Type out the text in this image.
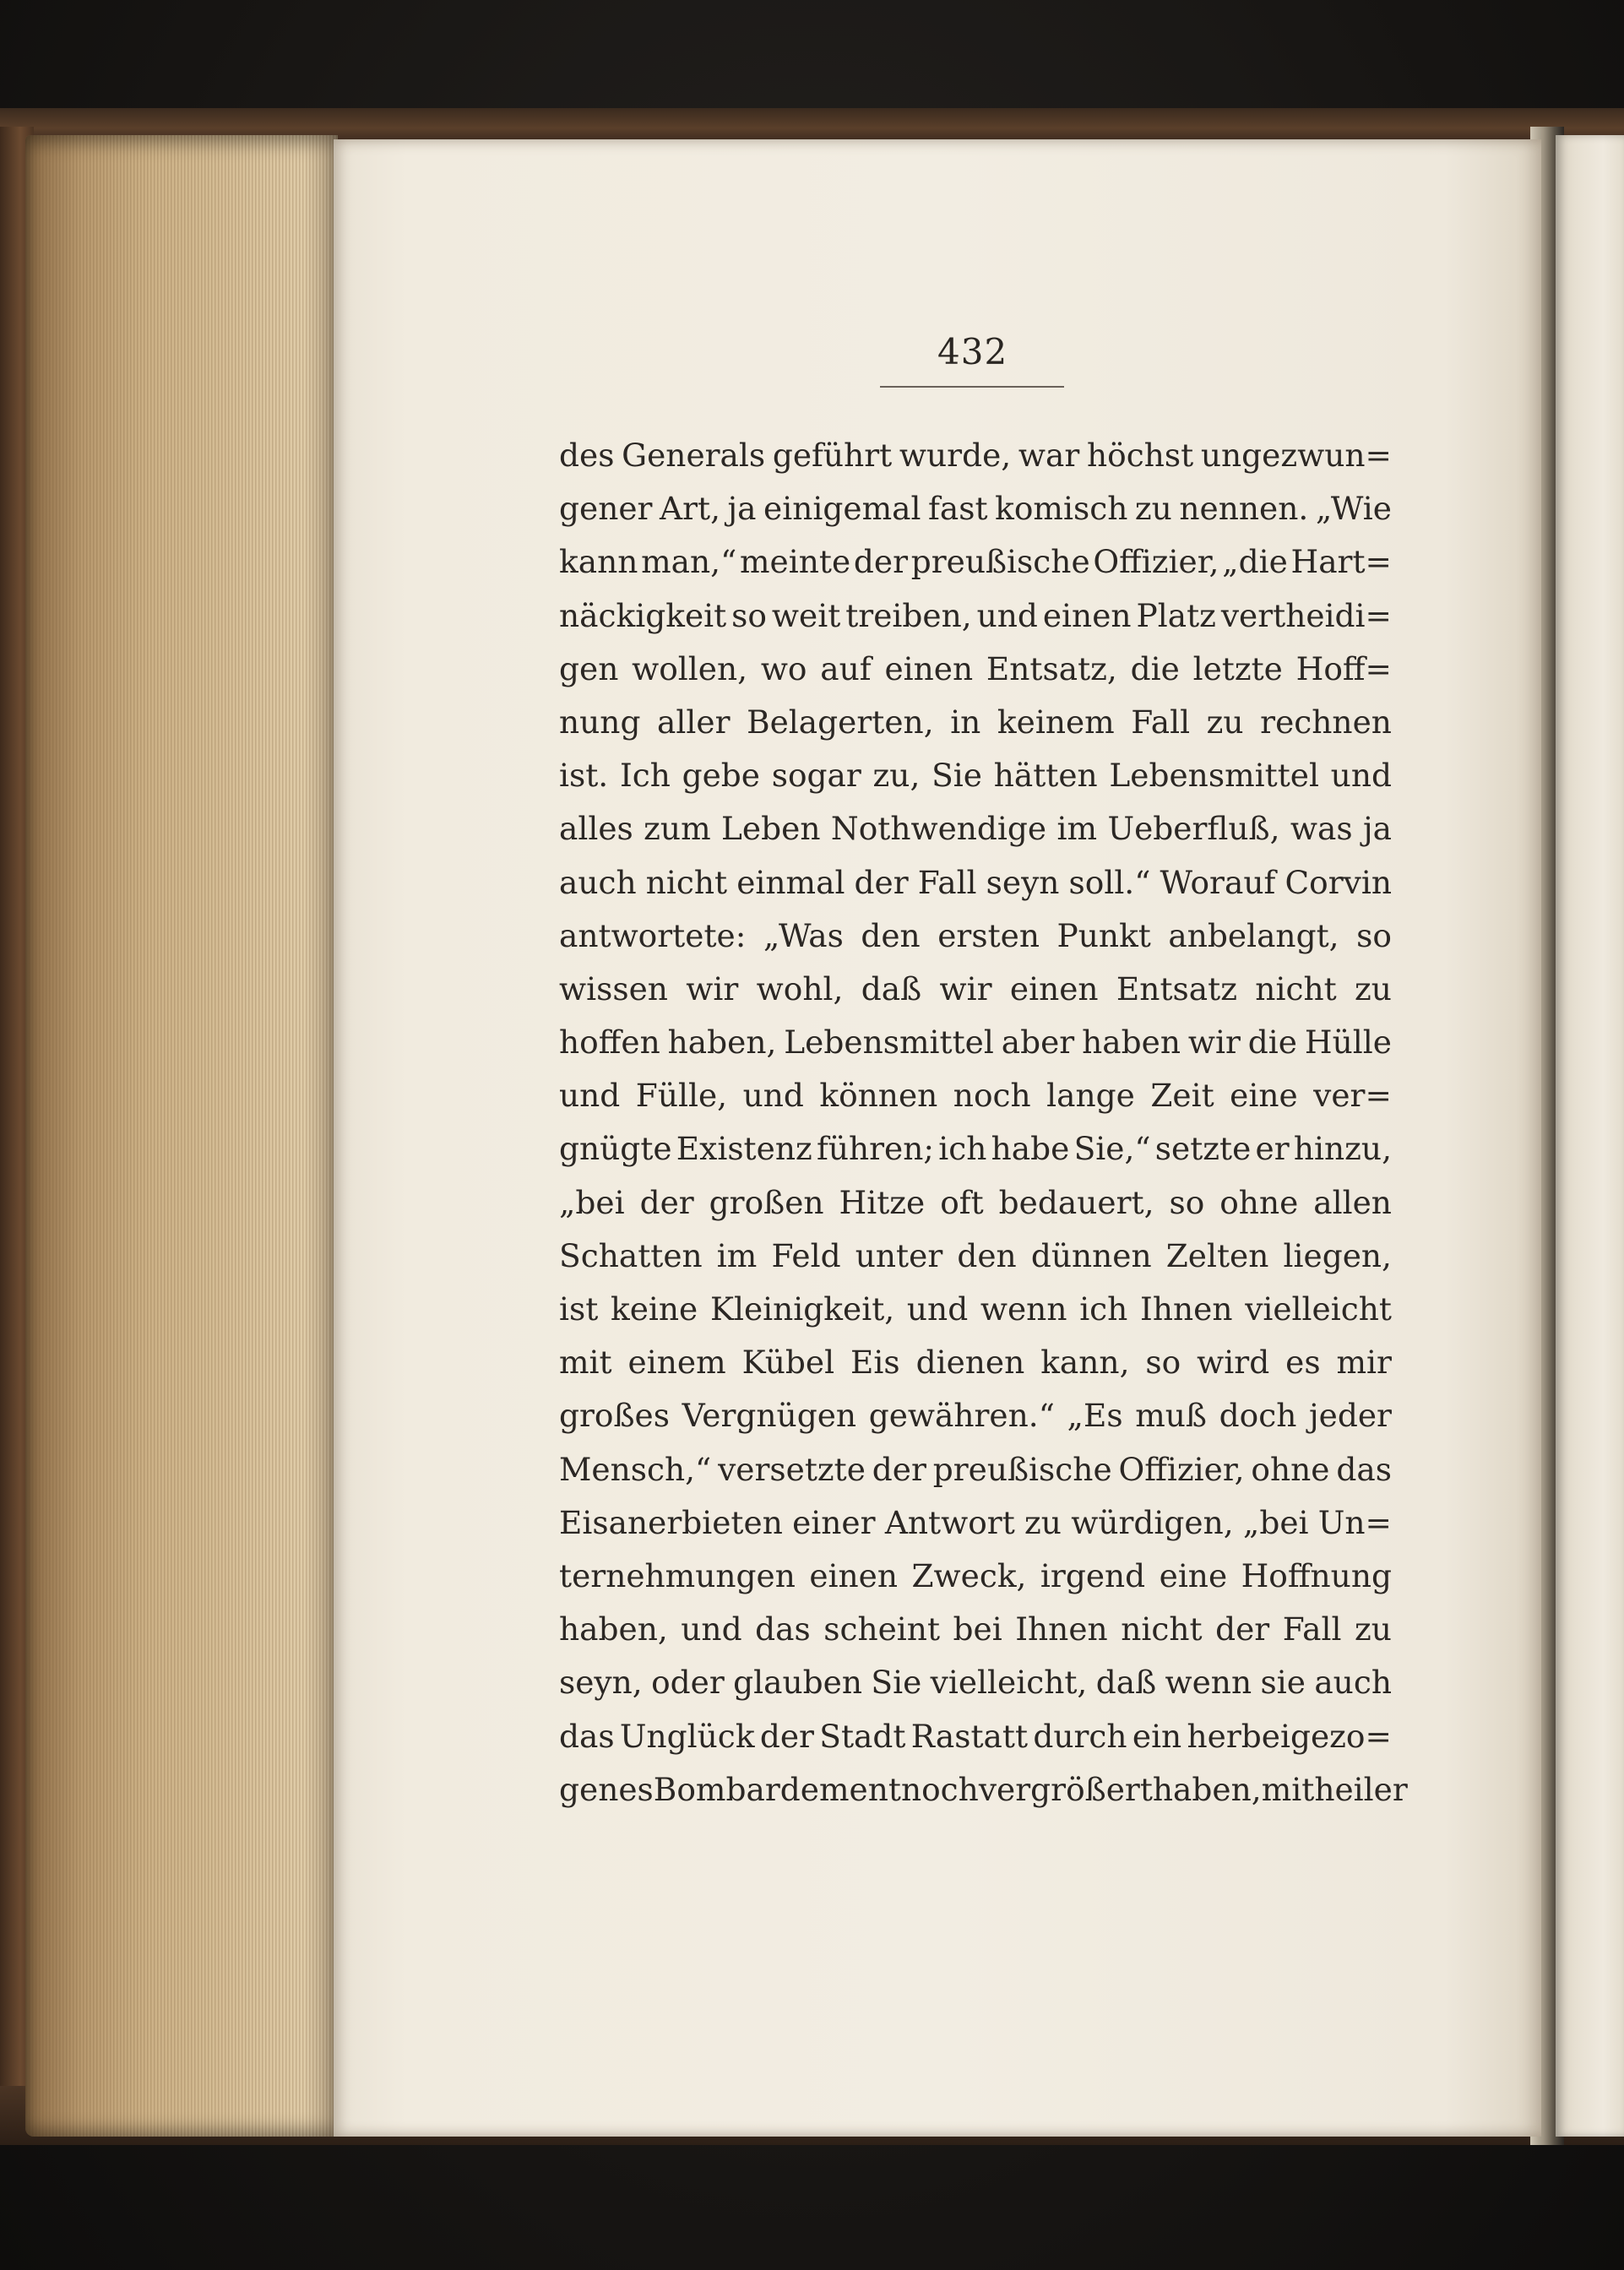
432
des Generals geführt wurde, war höchst ungezwun=
gener Art, ja einigemal fast komisch zu nennen. „Wie
kann man,“ meinte der preußische Offizier, „die Hart=
näckigkeit so weit treiben, und einen Platz vertheidi=
gen wollen, wo auf einen Entsatz, die letzte Hoff=
nung aller Belagerten, in keinem Fall zu rechnen
ist. Ich gebe sogar zu, Sie hätten Lebensmittel und
alles zum Leben Nothwendige im Ueberfluß, was ja
auch nicht einmal der Fall seyn soll.“ Worauf Corvin
antwortete: „Was den ersten Punkt anbelangt, so
wissen wir wohl, daß wir einen Entsatz nicht zu
hoffen haben, Lebensmittel aber haben wir die Hülle
und Fülle, und können noch lange Zeit eine ver=
gnügte Existenz führen; ich habe Sie,“ setzte er hinzu,
„bei der großen Hitze oft bedauert, so ohne allen
Schatten im Feld unter den dünnen Zelten liegen,
ist keine Kleinigkeit, und wenn ich Ihnen vielleicht
mit einem Kübel Eis dienen kann, so wird es mir
großes Vergnügen gewähren.“ „Es muß doch jeder
Mensch,“ versetzte der preußische Offizier, ohne das
Eisanerbieten einer Antwort zu würdigen, „bei Un=
ternehmungen einen Zweck, irgend eine Hoffnung
haben, und das scheint bei Ihnen nicht der Fall zu
seyn, oder glauben Sie vielleicht, daß wenn sie auch
das Unglück der Stadt Rastatt durch ein herbeigezo=
genes Bombardement noch vergrößert haben, mit heiler
